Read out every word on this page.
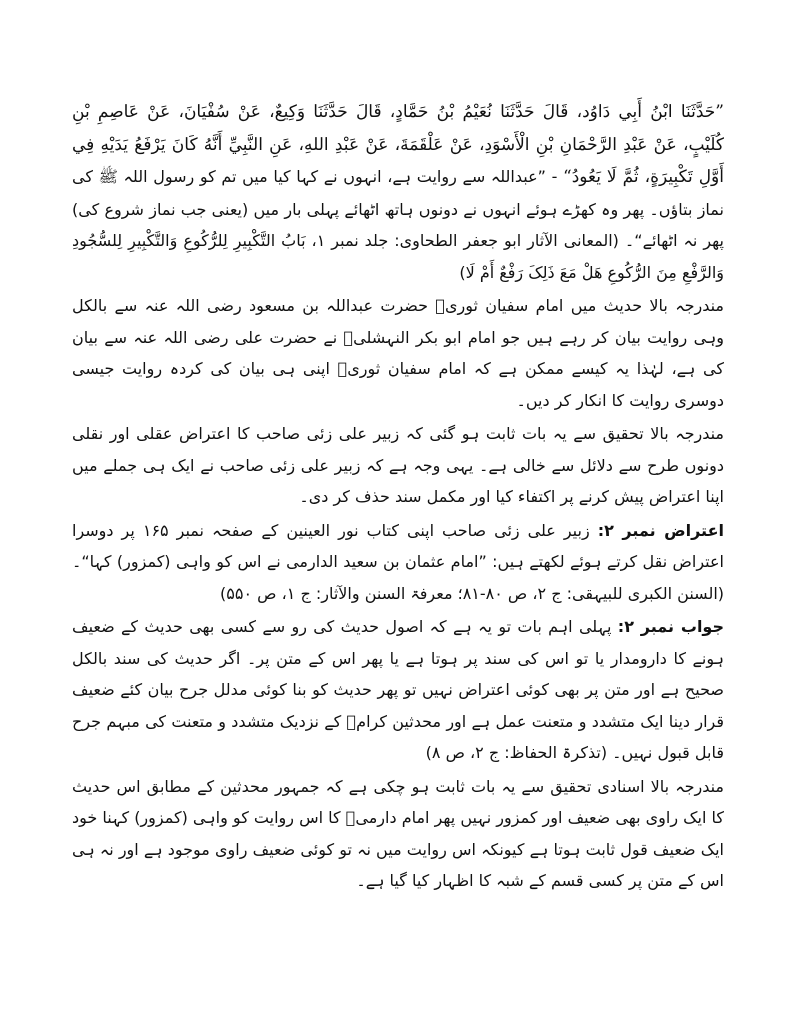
”حَدَّثَنَا ابْنُ أَبِي دَاوُد، قَالَ حَدَّثَنَا نُعَيْمُ بْنُ حَمَّادٍ، قَالَ حَدَّثَنَا وَكِيعٌ، عَنْ سُفْيَانَ، عَنْ عَاصِمِ بْنِ كُلَيْبٍ، عَنْ عَبْدِ الرَّحْمَانِ بْنِ الْأَسْوَدِ، عَنْ عَلْقَمَةَ، عَنْ عَبْدِ اللهِ، عَنِ النَّبِيِّ أَنَّهُ كَانَ يَرْفَعُ يَدَيْهِ فِي أَوَّلِ تَكْبِيرَةٍ، ثُمَّ لَا يَعُودُ“ - ”عبداللہ سے روایت ہے، انہوں نے کہا کیا میں تم کو رسول اللہ ﷺ کی نماز بتاؤں۔ پھر وہ کھڑے ہوئے انہوں نے دونوں ہاتھ اٹھائے پہلی بار میں (یعنی جب نماز شروع کی) پھر نہ اٹھائے“۔ (المعانی الآثار ابو جعفر الطحاوی: جلد نمبر ۱، بَابُ التَّکْبِیرِ لِلرُّکُوعِ وَالتَّکْبِیرِ لِلسُّجُودِ وَالرَّفْعِ مِنَ الرُّکُوعِ ھَلْ مَعَ ذَلِکَ رَفْعٌ أَمْ لَا)

مندرجہ بالا حدیث میں امام سفیان ثوریؒ حضرت عبداللہ بن مسعود رضی اللہ عنہ سے بالکل وہی روایت بیان کر رہے ہیں جو امام ابو بکر النہشلیؒ نے حضرت علی رضی اللہ عنہ سے بیان کی ہے، لہٰذا یہ کیسے ممکن ہے کہ امام سفیان ثوریؒ اپنی ہی بیان کی کردہ روایت جیسی دوسری روایت کا انکار کر دیں۔

مندرجہ بالا تحقیق سے یہ بات ثابت ہو گئی کہ زبیر علی زئی صاحب کا اعتراض عقلی اور نقلی دونوں طرح سے دلائل سے خالی ہے۔ یہی وجہ ہے کہ زبیر علی زئی صاحب نے ایک ہی جملے میں اپنا اعتراض پیش کرنے پر اکتفاء کیا اور مکمل سند حذف کر دی۔

اعتراض نمبر ۲: زبیر علی زئی صاحب اپنی کتاب نور العینین کے صفحہ نمبر ۱۶۵ پر دوسرا اعتراض نقل کرتے ہوئے لکھتے ہیں: ”امام عثمان بن سعید الدارمی نے اس کو واہی (کمزور) کہا“۔ (السنن الکبری للبیہقی: ج ۲، ص ۸۰-۸۱؛ معرفۃ السنن والآثار: ج ۱، ص ۵۵۰)

جواب نمبر ۲: پہلی اہم بات تو یہ ہے کہ اصول حدیث کی رو سے کسی بھی حدیث کے ضعیف ہونے کا دارومدار یا تو اس کی سند پر ہوتا ہے یا پھر اس کے متن پر۔ اگر حدیث کی سند بالکل صحیح ہے اور متن پر بھی کوئی اعتراض نہیں تو پھر حدیث کو بنا کوئی مدلل جرح بیان کئے ضعیف قرار دینا ایک متشدد و متعنت عمل ہے اور محدثین کرامؒ کے نزدیک متشدد و متعنت کی مبہم جرح قابل قبول نہیں۔ (تذکرۃ الحفاظ: ج ۲، ص ۸)

مندرجہ بالا اسنادی تحقیق سے یہ بات ثابت ہو چکی ہے کہ جمہور محدثین کے مطابق اس حدیث کا ایک راوی بھی ضعیف اور کمزور نہیں پھر امام دارمیؒ کا اس روایت کو واہی (کمزور) کہنا خود ایک ضعیف قول ثابت ہوتا ہے کیونکہ اس روایت میں نہ تو کوئی ضعیف راوی موجود ہے اور نہ ہی اس کے متن پر کسی قسم کے شبہ کا اظہار کیا گیا ہے۔
